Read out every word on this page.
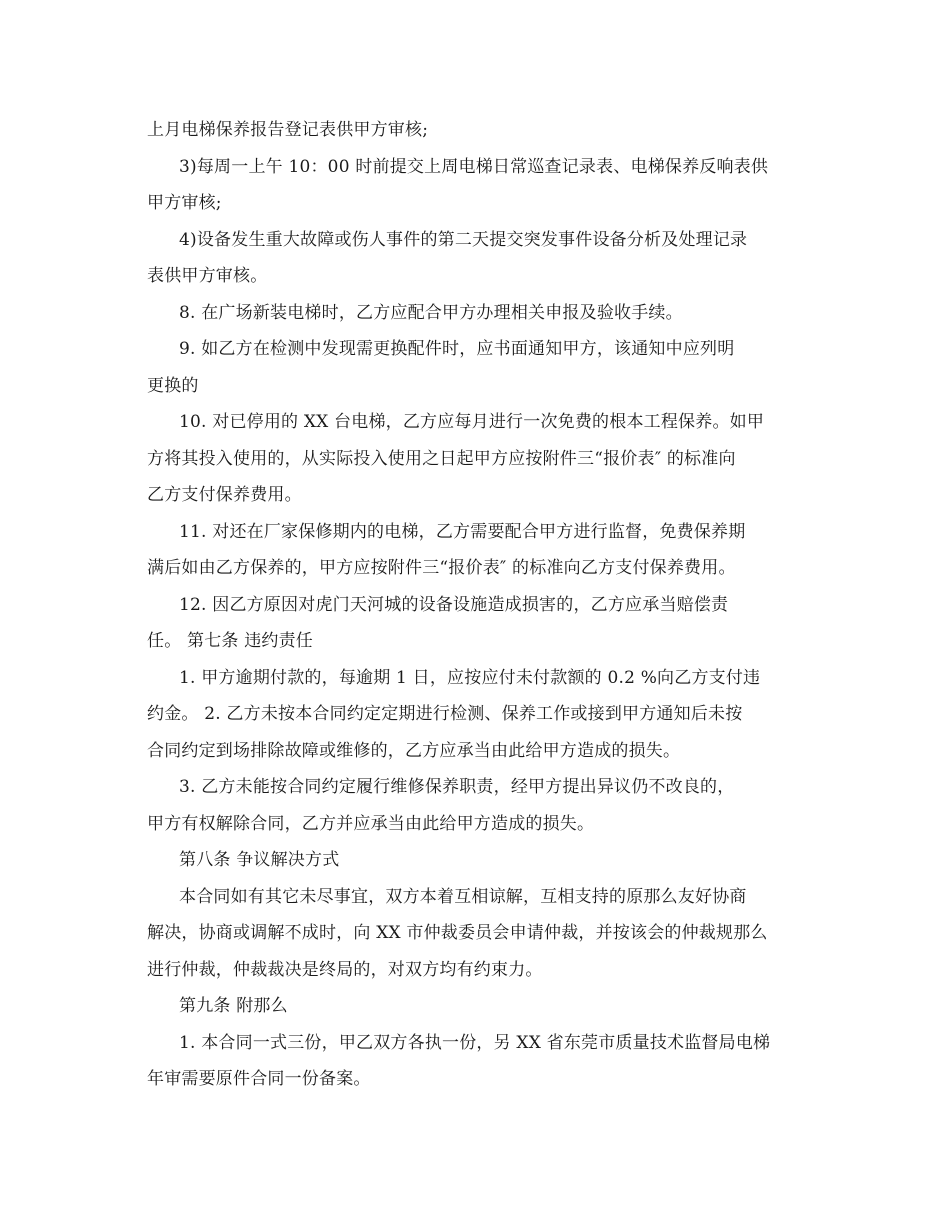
上月电梯保养报告登记表供甲方审核;
3)每周一上午 10：00 时前提交上周电梯日常巡查记录表、电梯保养反响表供
甲方审核;
4)设备发生重大故障或伤人事件的第二天提交突发事件设备分析及处理记录
表供甲方审核。
8. 在广场新装电梯时，乙方应配合甲方办理相关申报及验收手续。
9. 如乙方在检测中发现需更换配件时，应书面通知甲方，该通知中应列明
更换的
10. 对已停用的 XX 台电梯，乙方应每月进行一次免费的根本工程保养。如甲
方将其投入使用的，从实际投入使用之日起甲方应按附件三“报价表″ 的标准向
乙方支付保养费用。
11. 对还在厂家保修期内的电梯，乙方需要配合甲方进行监督，免费保养期
满后如由乙方保养的，甲方应按附件三“报价表″ 的标准向乙方支付保养费用。
12. 因乙方原因对虎门天河城的设备设施造成损害的，乙方应承当赔偿责
任。 第七条 违约责任
1. 甲方逾期付款的，每逾期 1 日，应按应付未付款额的 0.2 %向乙方支付违
约金。 2. 乙方未按本合同约定定期进行检测、保养工作或接到甲方通知后未按
合同约定到场排除故障或维修的，乙方应承当由此给甲方造成的损失。
3. 乙方未能按合同约定履行维修保养职责，经甲方提出异议仍不改良的，
甲方有权解除合同，乙方并应承当由此给甲方造成的损失。
第八条 争议解决方式
本合同如有其它未尽事宜，双方本着互相谅解，互相支持的原那么友好协商
解决，协商或调解不成时，向 XX 市仲裁委员会申请仲裁，并按该会的仲裁规那么
进行仲裁，仲裁裁决是终局的，对双方均有约束力。
第九条 附那么
1. 本合同一式三份，甲乙双方各执一份，另 XX 省东莞市质量技术监督局电梯
年审需要原件合同一份备案。
